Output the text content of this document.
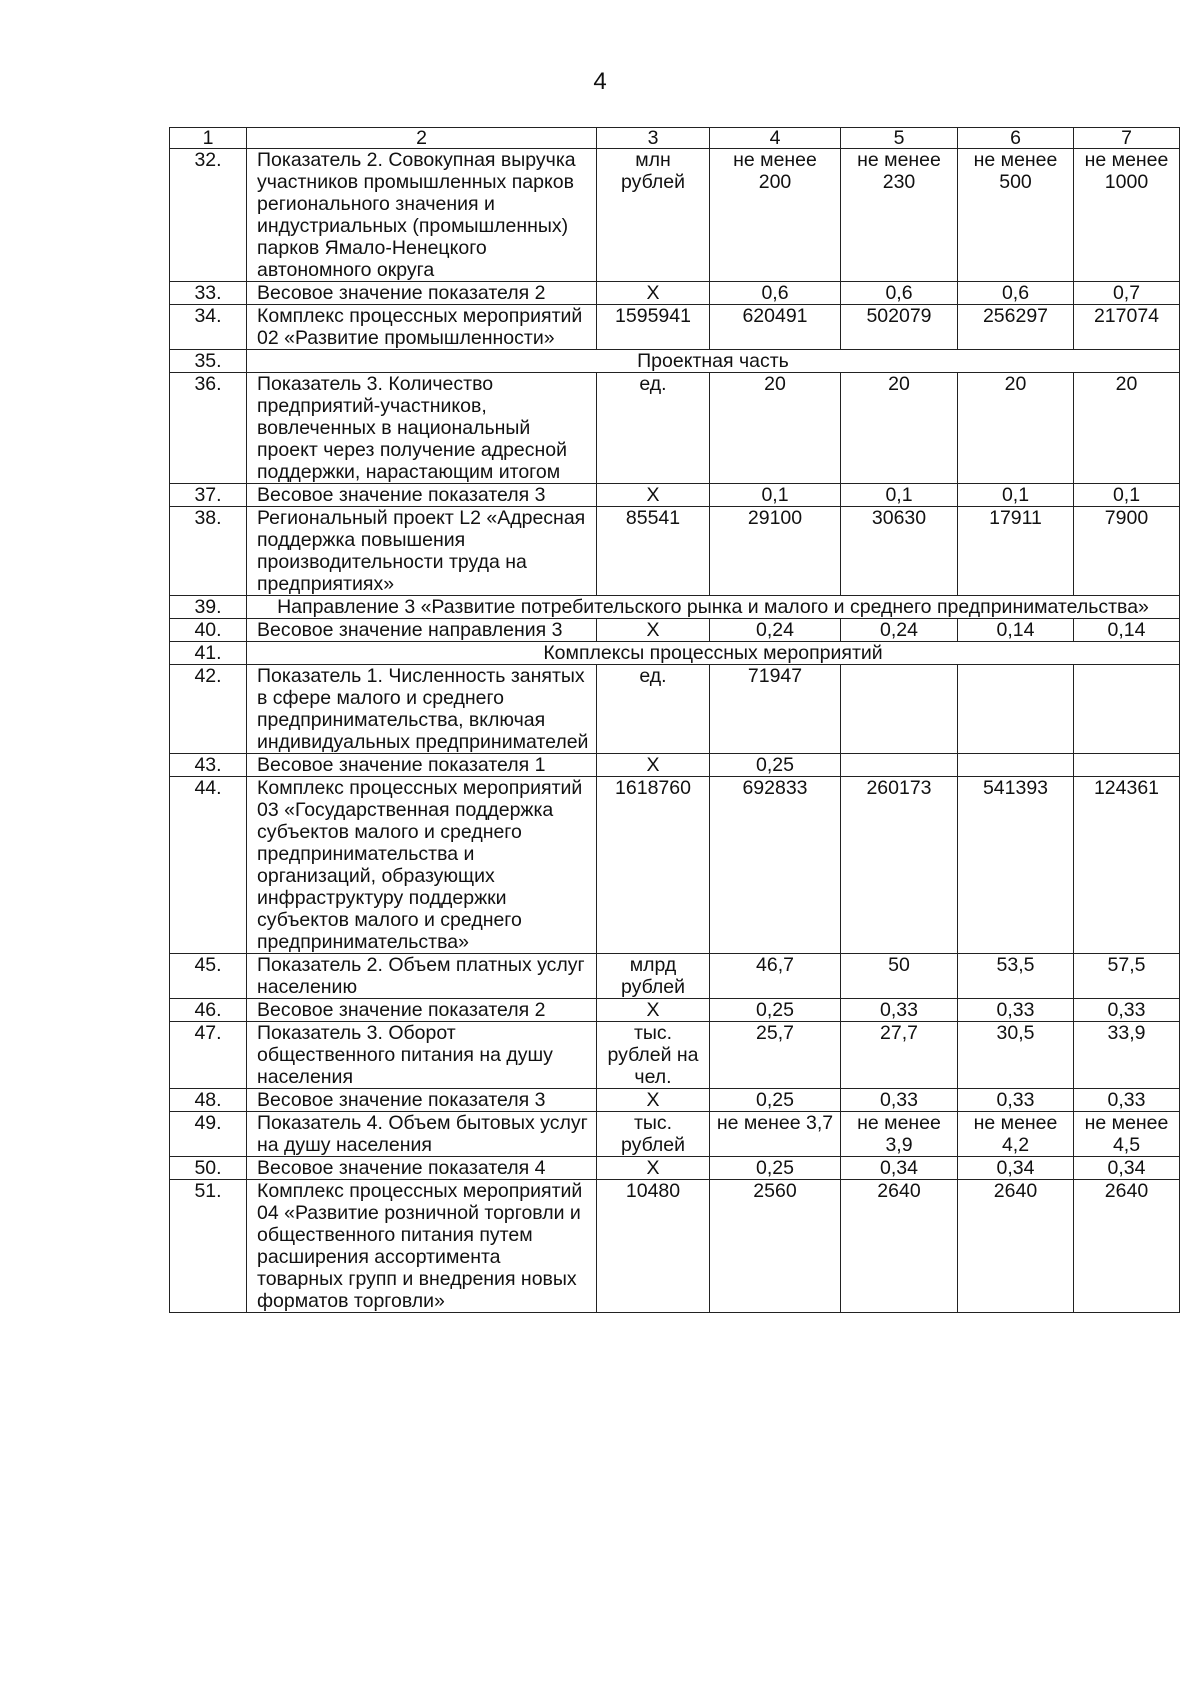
4
1	2	3	4	5	6	7
32.	Показатель 2. Совокупная выручка участников промышленных парков регионального значения и индустриальных (промышленных) парков Ямало-Ненецкого автономного округа	млн рублей	не менее 200	не менее 230	не менее 500	не менее 1000
33.	Весовое значение показателя 2	Х	0,6	0,6	0,6	0,7
34.	Комплекс процессных мероприятий 02 «Развитие промышленности»	1595941	620491	502079	256297	217074
35.	Проектная часть					
36.	Показатель 3. Количество предприятий-участников, вовлеченных в национальный проект через получение адресной поддержки, нарастающим итогом	ед.	20	20	20	20
37.	Весовое значение показателя 3	Х	0,1	0,1	0,1	0,1
38.	Региональный проект L2 «Адресная поддержка повышения производительности труда на предприятиях»	85541	29100	30630	17911	7900
39.	Направление 3 «Развитие потребительского рынка и малого и среднего предпринимательства»					
40.	Весовое значение направления 3	Х	0,24	0,24	0,14	0,14
41.	Комплексы процессных мероприятий					
42.	Показатель 1. Численность занятых в сфере малого и среднего предпринимательства, включая индивидуальных предпринимателей	ед.	71947			
43.	Весовое значение показателя 1	Х	0,25			
44.	Комплекс процессных мероприятий 03 «Государственная поддержка субъектов малого и среднего предпринимательства и организаций, образующих инфраструктуру поддержки субъектов малого и среднего предпринимательства»	1618760	692833	260173	541393	124361
45.	Показатель 2. Объем платных услуг населению	млрд рублей	46,7	50	53,5	57,5
46.	Весовое значение показателя 2	Х	0,25	0,33	0,33	0,33
47.	Показатель 3. Оборот общественного питания на душу населения	тыс. рублей на чел.	25,7	27,7	30,5	33,9
48.	Весовое значение показателя 3	Х	0,25	0,33	0,33	0,33
49.	Показатель 4. Объем бытовых услуг на душу населения	тыс. рублей	не менее 3,7	не менее 3,9	не менее 4,2	не менее 4,5
50.	Весовое значение показателя 4	Х	0,25	0,34	0,34	0,34
51.	Комплекс процессных мероприятий 04 «Развитие розничной торговли и общественного питания путем расширения ассортимента товарных групп и внедрения новых форматов торговли»	10480	2560	2640	2640	2640
